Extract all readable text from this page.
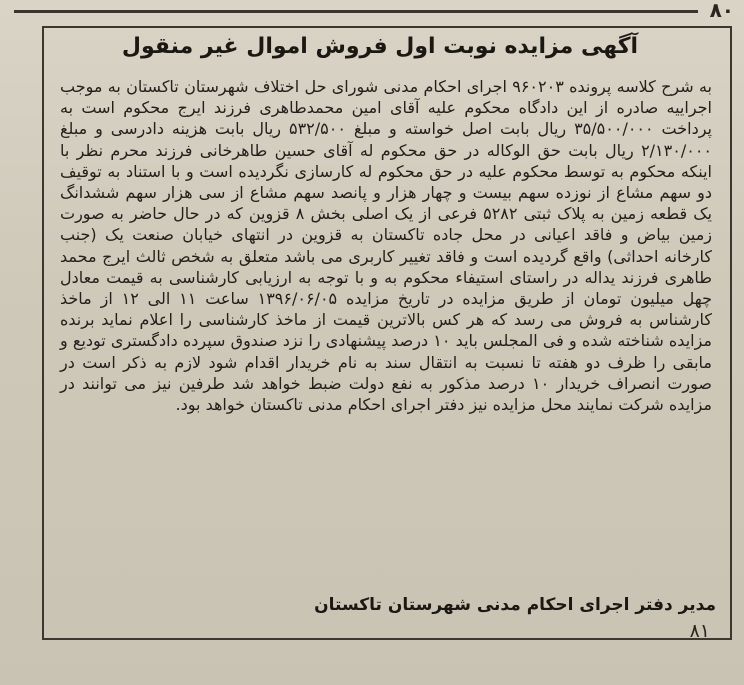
۸۰
آگهی مزایده نوبت اول فروش اموال غیر منقول
به شرح کلاسه پرونده ۹۶۰۲۰۳ اجرای احکام مدنی شورای حل اختلاف شهرستان تاکستان به موجب اجراییه صادره از این دادگاه محکوم علیه آقای امین محمدطاهری فرزند ایرج محکوم است به پرداخت ۳۵/۵۰۰/۰۰۰ ریال بابت اصل خواسته و مبلغ ۵۳۲/۵۰۰ ریال بابت هزینه دادرسی و مبلغ ۲/۱۳۰/۰۰۰ ریال بابت حق الوکاله در حق محکوم له آقای حسین طاهرخانی فرزند محرم نظر با اینکه محکوم به توسط محکوم علیه در حق محکوم له کارسازی نگردیده است و با استناد به توقیف دو سهم مشاع از نوزده سهم بیست و چهار هزار و پانصد سهم مشاع از سی هزار سهم ششدانگ یک قطعه زمین به پلاک ثبتی ۵۲۸۲ فرعی از یک اصلی بخش ۸ قزوین که در حال حاضر به صورت زمین بیاض و فاقد اعیانی در محل جاده تاکستان به قزوین در انتهای خیابان صنعت یک (جنب کارخانه احداثی) واقع گردیده است و فاقد تغییر کاربری می باشد متعلق به شخص ثالث ایرج محمد طاهری فرزند یداله در راستای استیفاء محکوم به و با توجه به ارزیابی کارشناسی به قیمت معادل چهل میلیون تومان از طریق مزایده در تاریخ مزایده ۱۳۹۶/۰۶/۰۵ ساعت ۱۱ الی ۱۲ از ماخذ کارشناس به فروش می رسد که هر کس بالاترین قیمت از ماخذ کارشناسی را اعلام نماید برنده مزایده شناخته شده و فی المجلس باید ۱۰ درصد پیشنهادی را نزد صندوق سپرده دادگستری تودیع و مابقی را ظرف دو هفته تا نسبت به انتقال سند به نام خریدار اقدام شود لازم به ذکر است در صورت انصراف خریدار ۱۰ درصد مذکور به نفع دولت ضبط خواهد شد طرفین نیز می توانند در مزایده شرکت نمایند محل مزایده نیز دفتر اجرای احکام مدنی تاکستان خواهد بود.
مدیر دفتر اجرای احکام مدنی شهرستان تاکستان
۸۱
